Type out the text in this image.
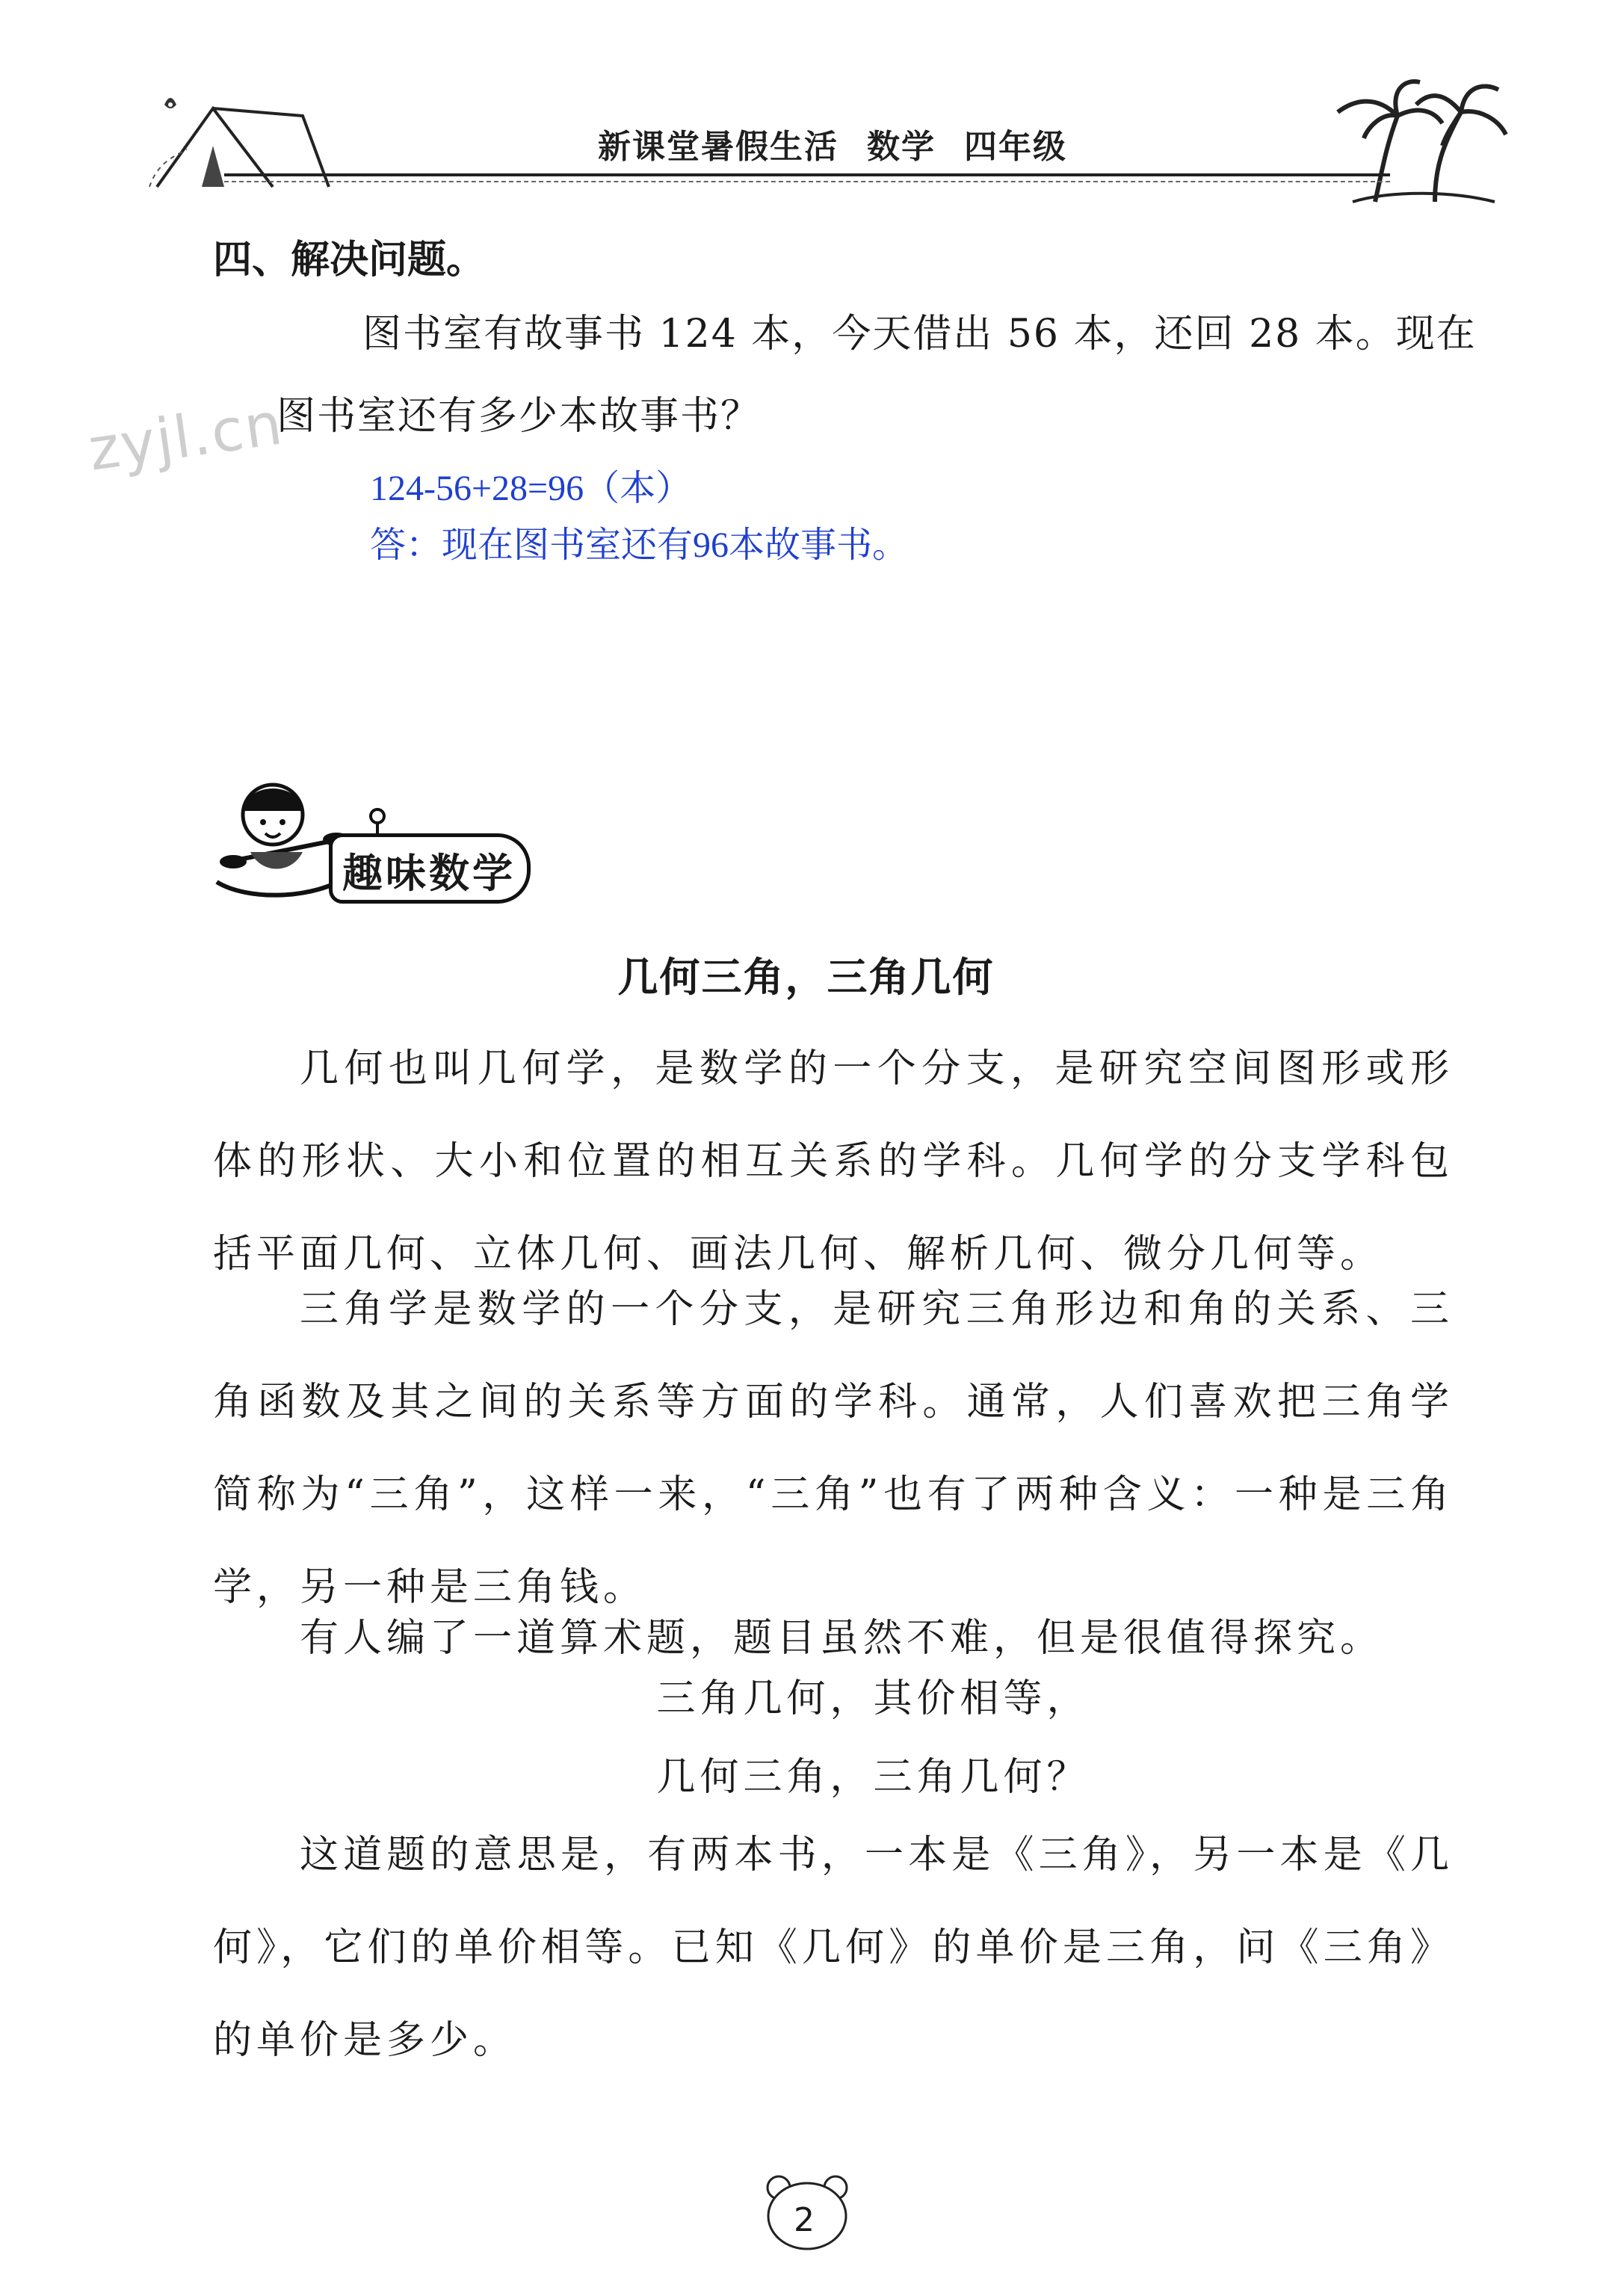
新课堂暑假生活 数学 四年级
四、解决问题。
图书室有故事书 124 本，今天借出 56 本，还回 28 本。现在
图书室还有多少本故事书？
124-56+28=96（本）
答：现在图书室还有96本故事书。
zyjl.cn
趣味数学
几何三角，三角几何

几何也叫几何学，是数学的一个分支，是研究空间图形或形体的形状、大小和位置的相互关系的学科。几何学的分支学科包括平面几何、立体几何、画法几何、解析几何、微分几何等。

三角学是数学的一个分支，是研究三角形边和角的关系、三角函数及其之间的关系等方面的学科。通常，人们喜欢把三角学简称为“三角”，这样一来，“三角”也有了两种含义：一种是三角学，另一种是三角钱。

有人编了一道算术题，题目虽然不难，但是很值得探究。

三角几何，其价相等，
几何三角，三角几何？

这道题的意思是，有两本书，一本是《三角》，另一本是《几何》，它们的单价相等。已知《几何》的单价是三角，问《三角》的单价是多少。

2
